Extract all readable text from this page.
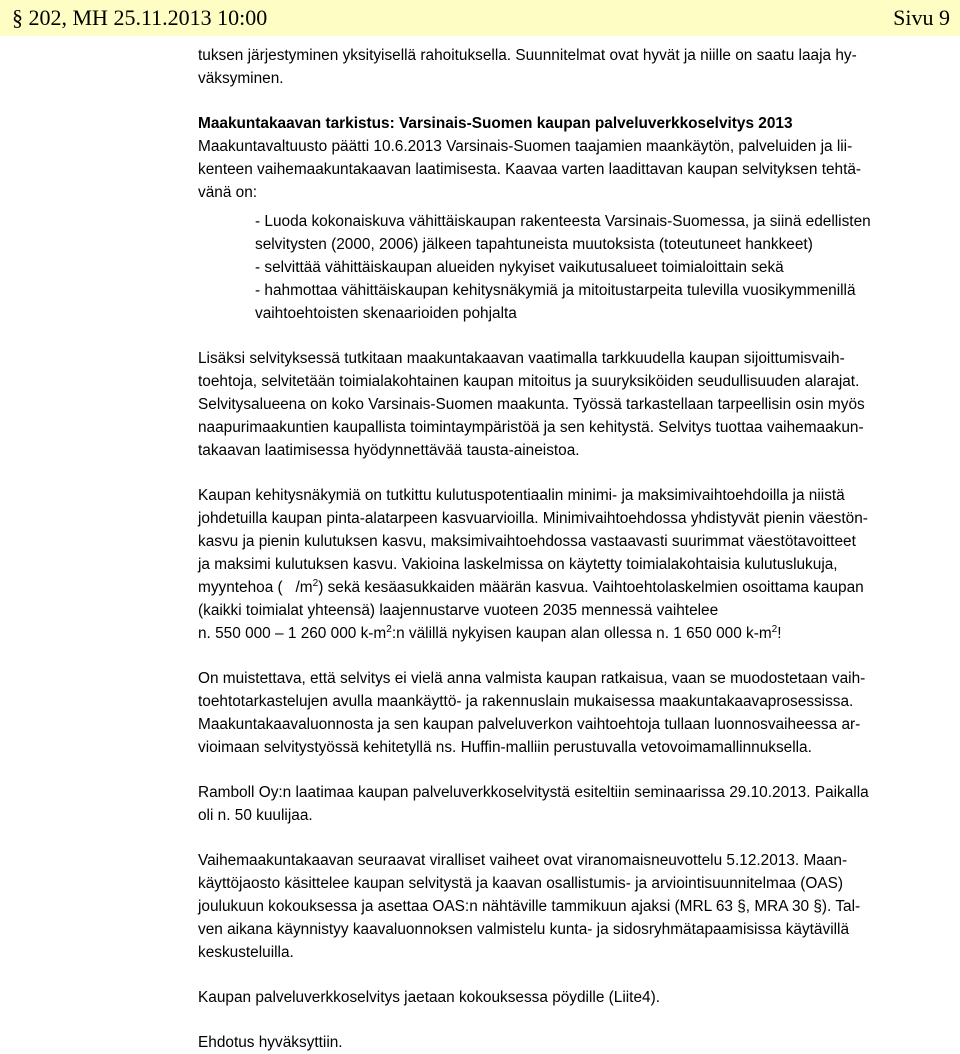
§ 202, MH 25.11.2013 10:00	Sivu 9

tuksen järjestyminen yksityisellä rahoituksella. Suunnitelmat ovat hyvät ja niille on saatu laaja hy-

väksyminen.

Maakuntakaavan tarkistus: Varsinais-Suomen kaupan palveluverkkoselvitys 2013

Maakuntavaltuusto päätti 10.6.2013 Varsinais-Suomen taajamien maankäytön, palveluiden ja lii-

kenteen vaihemaakuntakaavan laatimisesta. Kaavaa varten laadittavan kaupan selvityksen tehtä-

vänä on:

- Luoda kokonaiskuva vähittäiskaupan rakenteesta Varsinais-Suomessa, ja siinä edellisten

selvitysten (2000, 2006) jälkeen tapahtuneista muutoksista (toteutuneet hankkeet)

- selvittää vähittäiskaupan alueiden nykyiset vaikutusalueet toimialoittain sekä

- hahmottaa vähittäiskaupan kehitysnäkymiä ja mitoitustarpeita tulevilla vuosikymmenillä

vaihtoehtoisten skenaarioiden pohjalta

Lisäksi selvityksessä tutkitaan maakuntakaavan vaatimalla tarkkuudella kaupan sijoittumisvaih-

toehtoja, selvitetään toimialakohtainen kaupan mitoitus ja suuryksiköiden seudullisuuden alarajat.

Selvitysalueena on koko Varsinais-Suomen maakunta. Työssä tarkastellaan tarpeellisin osin myös

naapurimaakuntien kaupallista toimintaympäristöä ja sen kehitystä. Selvitys tuottaa vaihemaakun-

takaavan laatimisessa hyödynnettävää tausta-aineistoa.

Kaupan kehitysnäkymiä on tutkittu kulutuspotentiaalin minimi- ja maksimivaihtoehdoilla ja niistä

johdetuilla kaupan pinta-alatarpeen kasvuarvioilla. Minimivaihtoehdossa yhdistyvät pienin väestön-

kasvu ja pienin kulutuksen kasvu, maksimivaihtoehdossa vastaavasti suurimmat väestötavoitteet

ja maksimi kulutuksen kasvu. Vakioina laskelmissa on käytetty toimialakohtaisia kulutuslukuja,

myyntehoa ( $/m^2$) sekä kesäasukkaiden määrän kasvua. Vaihtoehtolaskelmien osoittama kaupan

(kaikki toimialat yhteensä) laajennustarve vuoteen 2035 mennessä vaihtelee

n. 550 000 – 1 260 000 $k-m^2:n$ välillä nykyisen kaupan alan ollessa n. 1 650 000 $k-m^2$!

On muistettava, että selvitys ei vielä anna valmista kaupan ratkaisua, vaan se muodostetaan vaih-

toehtotarkastelujen avulla maankäyttö- ja rakennuslain mukaisessa maakuntakaavaprosessissa.

Maakuntakaavaluonnosta ja sen kaupan palveluverkon vaihtoehtoja tullaan luonnosvaiheessa ar-

vioimaan selvitystyössä kehitetyllä ns. Huffin-malliin perustuvalla vetovoimamallinnuksella.

Ramboll Oy:n laatimaa kaupan palveluverkkoselvitystä esiteltiin seminaarissa 29.10.2013. Paikalla

oli n. 50 kuulijaa.

Vaihemaakuntakaavan seuraavat viralliset vaiheet ovat viranomaisneuvottelu 5.12.2013. Maan-

käyttöjaosto käsittelee kaupan selvitystä ja kaavan osallistumis- ja arviointisuunnitelmaa (OAS)

joulukuun kokouksessa ja asettaa OAS:n nähtäville tammikuun ajaksi (MRL 63 §, MRA 30 §). Tal-

ven aikana käynnistyy kaavaluonnoksen valmistelu kunta- ja sidosryhmätapaamisissa käytävillä

keskusteluilla.

Kaupan palveluverkkoselvitys jaetaan kokouksessa pöydille (Liite4).

Ehdotus hyväksyttiin.
